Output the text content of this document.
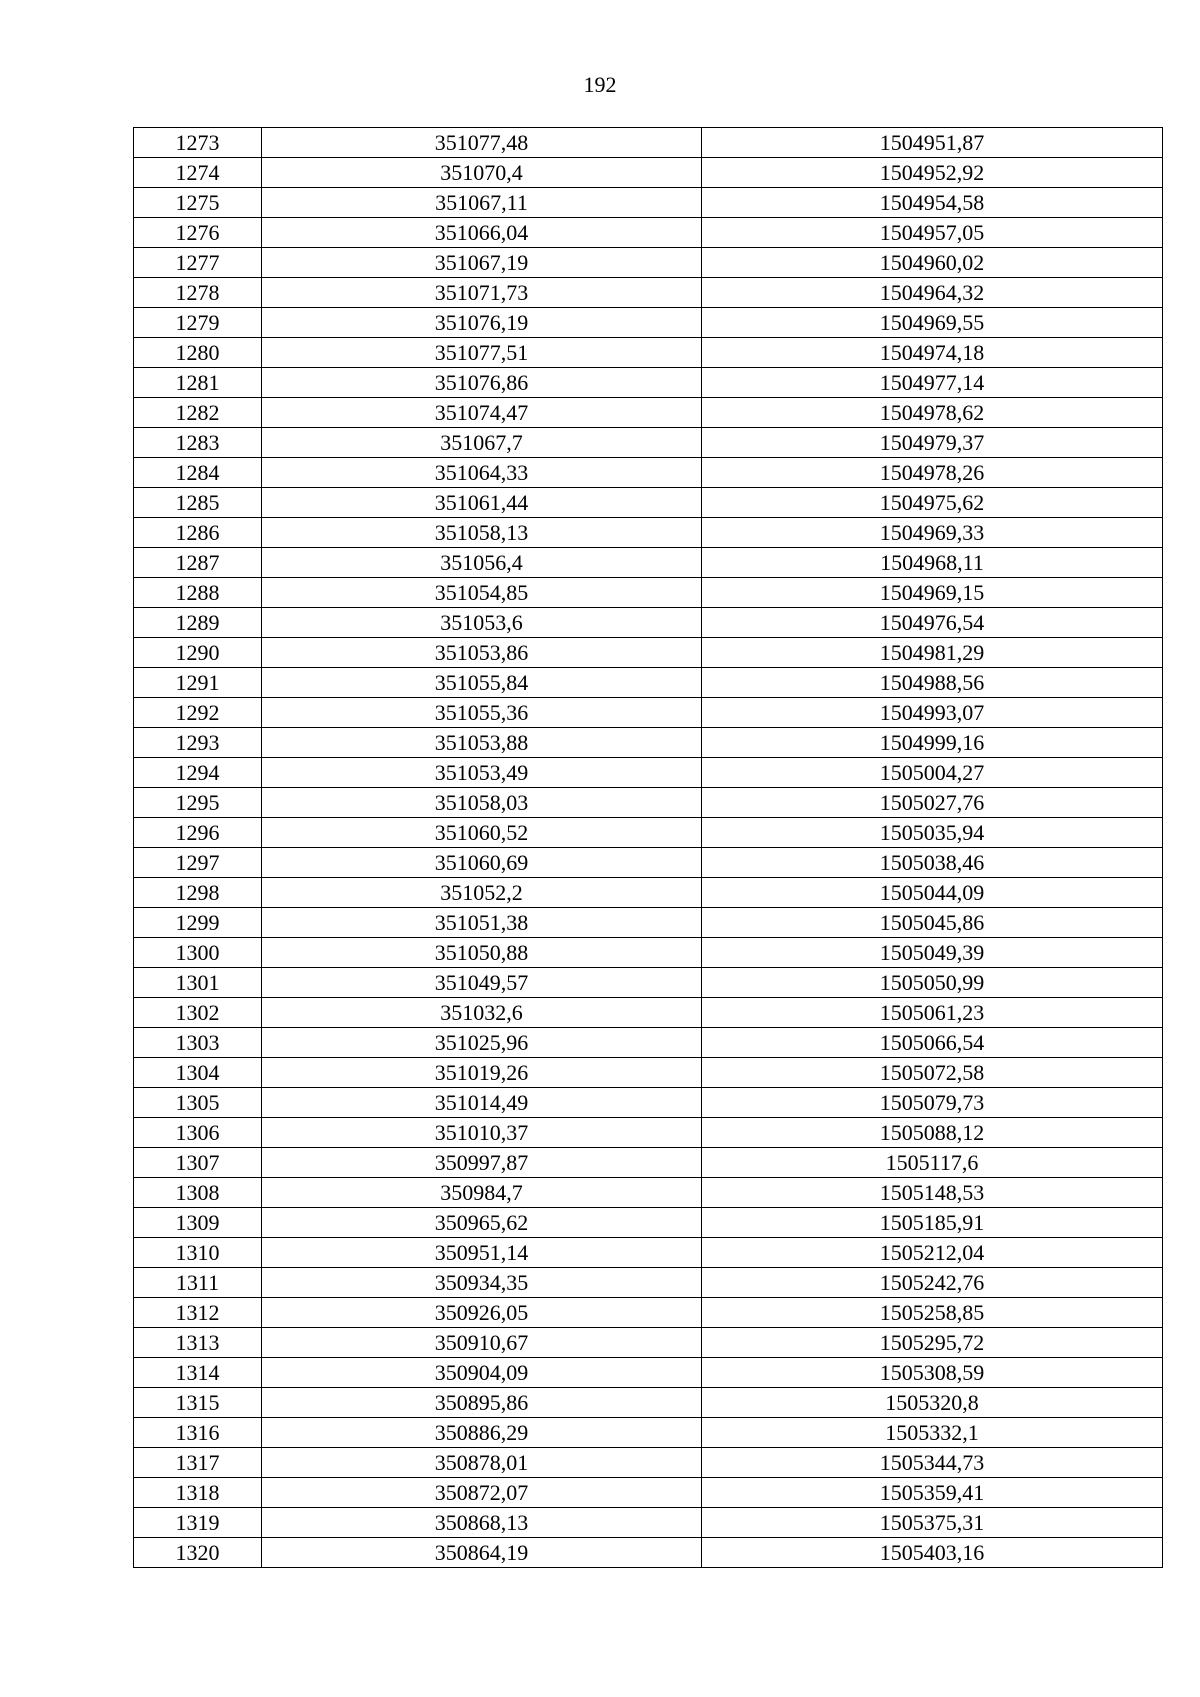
192
1273	351077,48	1504951,87
1274	351070,4	1504952,92
1275	351067,11	1504954,58
1276	351066,04	1504957,05
1277	351067,19	1504960,02
1278	351071,73	1504964,32
1279	351076,19	1504969,55
1280	351077,51	1504974,18
1281	351076,86	1504977,14
1282	351074,47	1504978,62
1283	351067,7	1504979,37
1284	351064,33	1504978,26
1285	351061,44	1504975,62
1286	351058,13	1504969,33
1287	351056,4	1504968,11
1288	351054,85	1504969,15
1289	351053,6	1504976,54
1290	351053,86	1504981,29
1291	351055,84	1504988,56
1292	351055,36	1504993,07
1293	351053,88	1504999,16
1294	351053,49	1505004,27
1295	351058,03	1505027,76
1296	351060,52	1505035,94
1297	351060,69	1505038,46
1298	351052,2	1505044,09
1299	351051,38	1505045,86
1300	351050,88	1505049,39
1301	351049,57	1505050,99
1302	351032,6	1505061,23
1303	351025,96	1505066,54
1304	351019,26	1505072,58
1305	351014,49	1505079,73
1306	351010,37	1505088,12
1307	350997,87	1505117,6
1308	350984,7	1505148,53
1309	350965,62	1505185,91
1310	350951,14	1505212,04
1311	350934,35	1505242,76
1312	350926,05	1505258,85
1313	350910,67	1505295,72
1314	350904,09	1505308,59
1315	350895,86	1505320,8
1316	350886,29	1505332,1
1317	350878,01	1505344,73
1318	350872,07	1505359,41
1319	350868,13	1505375,31
1320	350864,19	1505403,16
